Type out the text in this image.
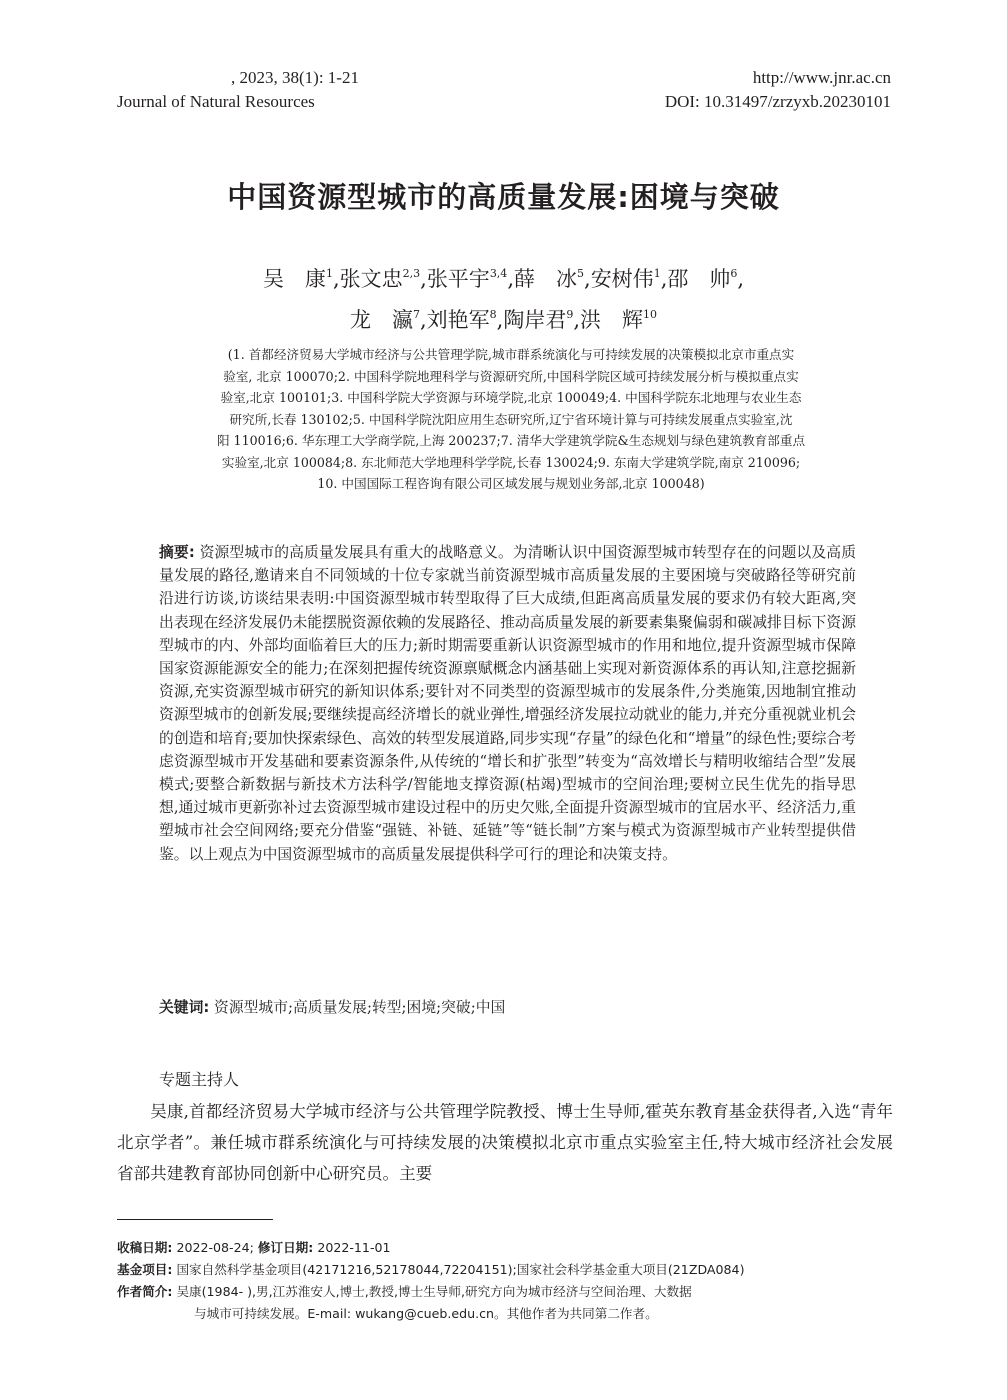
, 2023, 38(1): 1-21
Journal of Natural Resources
http://www.jnr.ac.cn
DOI: 10.31497/zrzyxb.20230101
中国资源型城市的高质量发展:困境与突破
吴　康$^1$,张文忠$^{2,3}$,张平宇$^{3,4}$,薛　冰$^5$,安树伟$^1$,邵　帅$^6$,
龙　瀛$^7$,刘艳军$^8$,陶岸君$^9$,洪　辉$^{10}$
(1. 首都经济贸易大学城市经济与公共管理学院,城市群系统演化与可持续发展的决策模拟北京市重点实
验室, 北京 100070;2. 中国科学院地理科学与资源研究所,中国科学院区域可持续发展分析与模拟重点实
验室,北京 100101;3. 中国科学院大学资源与环境学院,北京 100049;4. 中国科学院东北地理与农业生态
研究所,长春 130102;5. 中国科学院沈阳应用生态研究所,辽宁省环境计算与可持续发展重点实验室,沈
阳 110016;6. 华东理工大学商学院,上海 200237;7. 清华大学建筑学院&生态规划与绿色建筑教育部重点
实验室,北京 100084;8. 东北师范大学地理科学学院,长春 130024;9. 东南大学建筑学院,南京 210096;
10. 中国国际工程咨询有限公司区域发展与规划业务部,北京 100048)
摘要: 资源型城市的高质量发展具有重大的战略意义。为清晰认识中国资源型城市转型存在的问题以及高质量发展的路径,邀请来自不同领域的十位专家就当前资源型城市高质量发展的主要困境与突破路径等研究前沿进行访谈,访谈结果表明:中国资源型城市转型取得了巨大成绩,但距离高质量发展的要求仍有较大距离,突出表现在经济发展仍未能摆脱资源依赖的发展路径、推动高质量发展的新要素集聚偏弱和碳减排目标下资源型城市的内、外部均面临着巨大的压力;新时期需要重新认识资源型城市的作用和地位,提升资源型城市保障国家资源能源安全的能力;在深刻把握传统资源禀赋概念内涵基础上实现对新资源体系的再认知,注意挖掘新资源,充实资源型城市研究的新知识体系;要针对不同类型的资源型城市的发展条件,分类施策,因地制宜推动资源型城市的创新发展;要继续提高经济增长的就业弹性,增强经济发展拉动就业的能力,并充分重视就业机会的创造和培育;要加快探索绿色、高效的转型发展道路,同步实现“存量”的绿色化和“增量”的绿色性;要综合考虑资源型城市开发基础和要素资源条件,从传统的“增长和扩张型”转变为“高效增长与精明收缩结合型”发展模式;要整合新数据与新技术方法科学/智能地支撑资源(枯竭)型城市的空间治理;要树立民生优先的指导思想,通过城市更新弥补过去资源型城市建设过程中的历史欠账,全面提升资源型城市的宜居水平、经济活力,重塑城市社会空间网络;要充分借鉴“强链、补链、延链”等“链长制”方案与模式为资源型城市产业转型提供借鉴。以上观点为中国资源型城市的高质量发展提供科学可行的理论和决策支持。
关键词: 资源型城市;高质量发展;转型;困境;突破;中国
专题主持人
吴康,首都经济贸易大学城市经济与公共管理学院教授、博士生导师,霍英东教育基金获得者,入选“青年北京学者”。兼任城市群系统演化与可持续发展的决策模拟北京市重点实验室主任,特大城市经济社会发展省部共建教育部协同创新中心研究员。主要
收稿日期: 2022-08-24; 修订日期: 2022-11-01
基金项目: 国家自然科学基金项目(42171216,52178044,72204151);国家社会科学基金重大项目(21ZDA084)
作者简介: 吴康(1984- ),男,江苏淮安人,博士,教授,博士生导师,研究方向为城市经济与空间治理、大数据
与城市可持续发展。E-mail: wukang@cueb.edu.cn。其他作者为共同第二作者。
